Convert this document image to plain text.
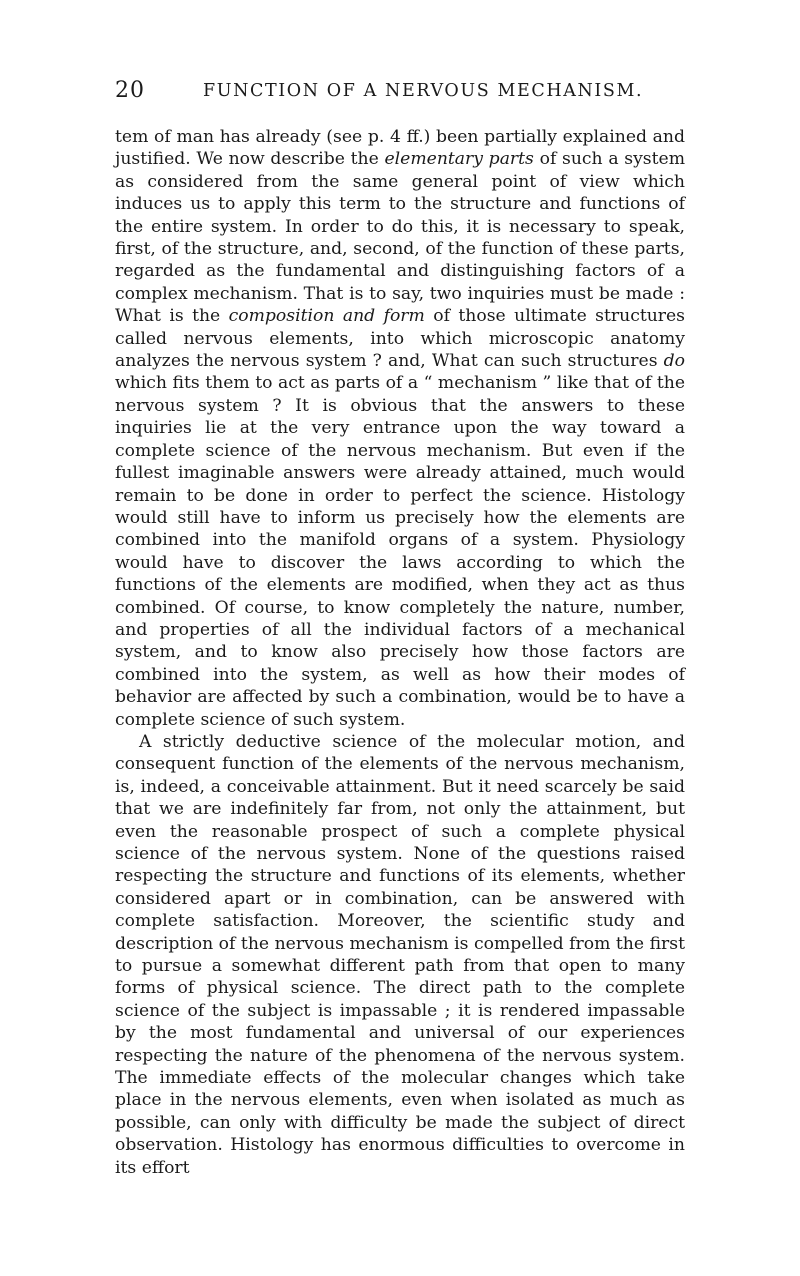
20	FUNCTION OF A NERVOUS MECHANISM.

tem of man has already (see p. 4 ff.) been partially explained and justified. We now describe the elementary parts of such a system as considered from the same general point of view which induces us to apply this term to the structure and functions of the entire system. In order to do this, it is necessary to speak, first, of the structure, and, second, of the function of these parts, regarded as the fundamental and distinguishing factors of a complex mechanism. That is to say, two inquiries must be made : What is the composition and form of those ultimate structures called nervous elements, into which microscopic anatomy analyzes the nervous system ? and, What can such structures do which fits them to act as parts of a “ mechanism ” like that of the nervous system ? It is obvious that the answers to these inquiries lie at the very entrance upon the way toward a complete science of the nervous mechanism. But even if the fullest imaginable answers were already attained, much would remain to be done in order to perfect the science. Histology would still have to inform us precisely how the elements are combined into the manifold organs of a system. Physiology would have to discover the laws according to which the functions of the elements are modified, when they act as thus combined. Of course, to know completely the nature, number, and properties of all the individual factors of a mechanical system, and to know also precisely how those factors are combined into the system, as well as how their modes of behavior are affected by such a combination, would be to have a complete science of such system.

A strictly deductive science of the molecular motion, and consequent function of the elements of the nervous mechanism, is, indeed, a conceivable attainment. But it need scarcely be said that we are indefinitely far from, not only the attainment, but even the reasonable prospect of such a complete physical science of the nervous system. None of the questions raised respecting the structure and functions of its elements, whether considered apart or in combination, can be answered with complete satisfaction. Moreover, the scientific study and description of the nervous mechanism is compelled from the first to pursue a somewhat different path from that open to many forms of physical science. The direct path to the complete science of the subject is impassable ; it is rendered impassable by the most fundamental and universal of our experiences respecting the nature of the phenomena of the nervous system. The immediate effects of the molecular changes which take place in the nervous elements, even when isolated as much as possible, can only with difficulty be made the subject of direct observation. Histology has enormous difficulties to overcome in its effort
